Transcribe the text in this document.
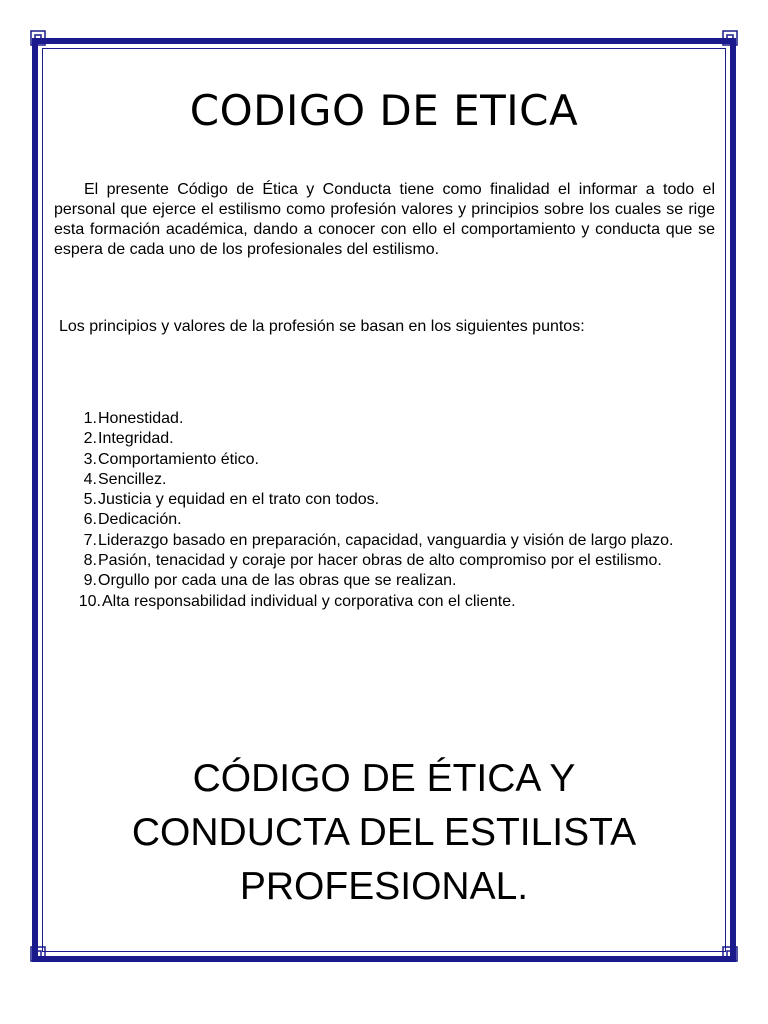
CODIGO DE ETICA
El presente Código de Ética y Conducta tiene como finalidad el informar a todo el personal que ejerce el estilismo como profesión valores y principios sobre los cuales se rige esta formación académica, dando a conocer con ello el comportamiento y conducta que se espera de cada uno de los profesionales del estilismo.
Los principios y valores de la profesión se basan en los siguientes puntos:
1. Honestidad.
2. Integridad.
3. Comportamiento ético.
4. Sencillez.
5. Justicia y equidad en el trato con todos.
6. Dedicación.
7. Liderazgo basado en preparación, capacidad, vanguardia y visión de largo plazo.
8. Pasión, tenacidad y coraje por hacer obras de alto compromiso por el estilismo.
9. Orgullo por cada una de las obras que se realizan.
10. Alta responsabilidad individual y corporativa con el cliente.
CÓDIGO DE ÉTICA Y
CONDUCTA DEL ESTILISTA
PROFESIONAL.
